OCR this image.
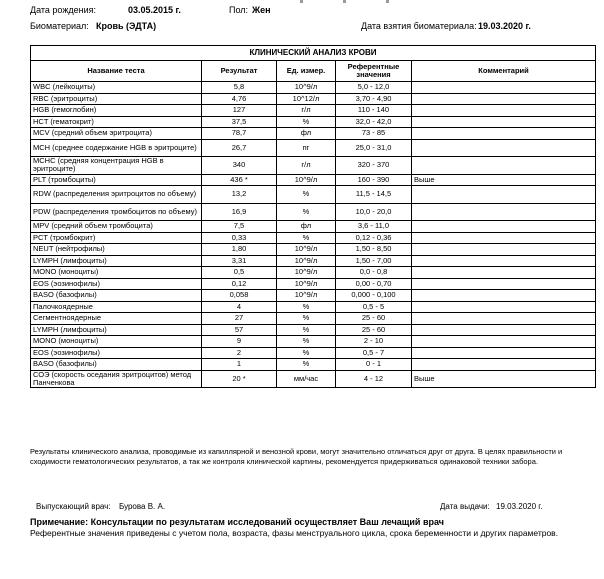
Дата рождения:	03.05.2015 г.	Пол: Жен
Биоматериал: Кровь (ЭДТА)	Дата взятия биоматериала: 19.03.2020 г.
КЛИНИЧЕСКИЙ АНАЛИЗ КРОВИ				
Название теста	Результат	Ед. измер.	Референтные значения	Комментарий
WBC (лейкоциты)	5,8	10^9/л	5,0 - 12,0	
RBC (эритроциты)	4,76	10^12/л	3,70 - 4,90	
HGB (гемоглобин)	127	г/л	110 - 140	
HCT (гематокрит)	37,5	%	32,0 - 42,0	
MCV (средний объем эритроцита)	78,7	фл	73 - 85	
MCH (среднее содержание HGB в эритроците)	26,7	пг	25,0 - 31,0	
MCHC (средняя концентрация HGB в эритроците)	340	г/л	320 - 370	
PLT (тромбоциты)	436 *	10^9/л	160 - 390	Выше
RDW (распределения эритроцитов по объему)	13,2	%	11,5 - 14,5	
PDW (распределения тромбоцитов по объему)	16,9	%	10,0 - 20,0	
MPV (средний объем тромбоцита)	7,5	фл	3,6 - 11,0	
PCT (тромбокрит)	0,33	%	0,12 - 0,36	
NEUT (нейтрофилы)	1,80	10^9/л	1,50 - 8,50	
LYMPH (лимфоциты)	3,31	10^9/л	1,50 - 7,00	
MONO (моноциты)	0,5	10^9/л	0,0 - 0,8	
EOS (эозинофилы)	0,12	10^9/л	0,00 - 0,70	
BASO (базофилы)	0,058	10^9/л	0,000 - 0,100	
Палочкоядерные	4	%	0,5 - 5	
Сегментноядерные	27	%	25 - 60	
LYMPH (лимфоциты)	57	%	25 - 60	
MONO (моноциты)	9	%	2 - 10	
EOS (эозинофилы)	2	%	0,5 - 7	
BASO (базофилы)	1	%	0 - 1	
СОЭ (скорость оседания эритроцитов) метод Панченкова	20 *	мм/час	4 - 12	Выше
Результаты клинического анализа, проводимые из капиллярной и венозной крови, могут значительно отличаться друг от друга. В целях правильности и сходимости гематологических результатов, а так же контроля клинической картины, рекомендуется придерживаться одинаковой техники забора.
Выпускающий врач: Бурова В. А.	Дата выдачи: 19.03.2020 г.
Примечание: Консультации по результатам исследований осуществляет Ваш лечащий врач
Референтные значения приведены с учетом пола, возраста, фазы менструального цикла, срока беременности и других параметров.
